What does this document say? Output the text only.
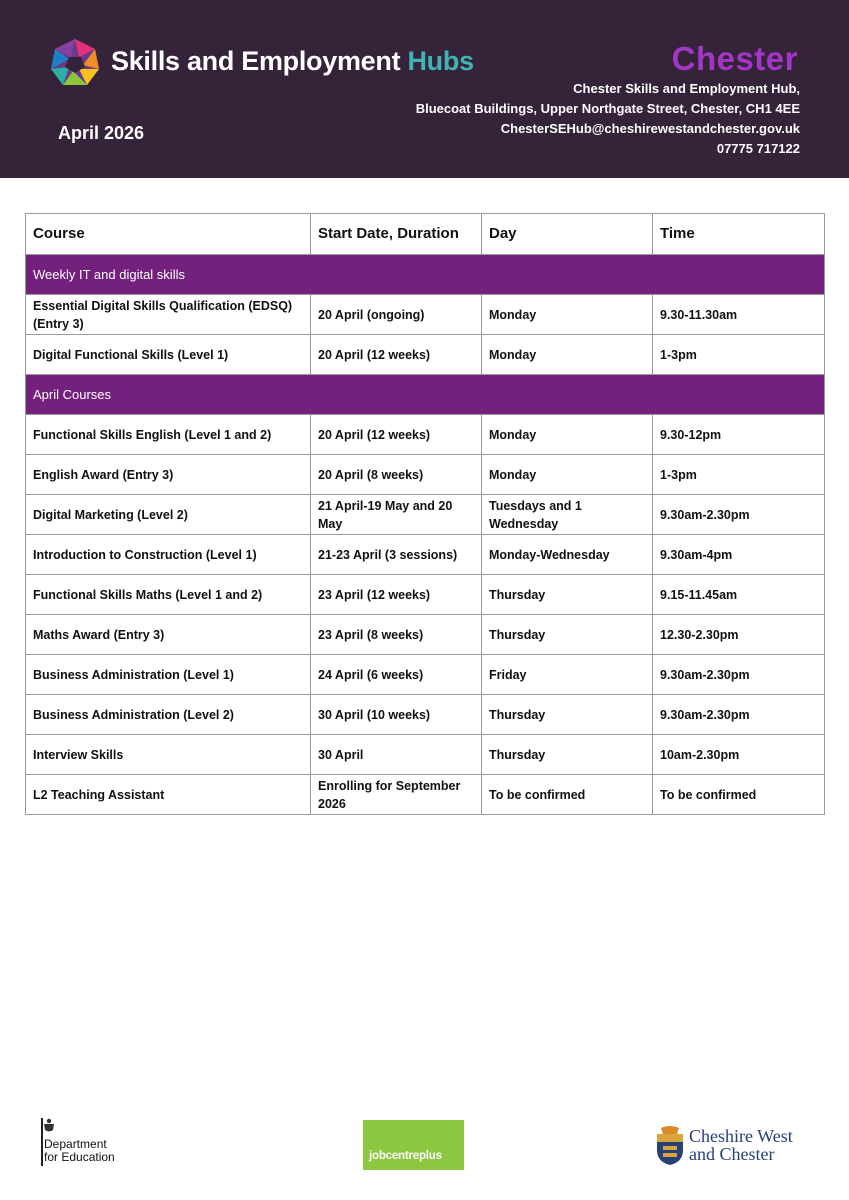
Skills and Employment Hubs	Chester
Chester Skills and Employment Hub,
Bluecoat Buildings, Upper Northgate Street, Chester, CH1 4EE
ChesterSEHub@cheshirewestandchester.gov.uk
07775 717122
April 2026
Course	Start Date, Duration	Day	Time
Weekly IT and digital skills			
Essential Digital Skills Qualification (EDSQ) (Entry 3)	20 April (ongoing)	Monday	9.30-11.30am
Digital Functional Skills (Level 1)	20 April (12 weeks)	Monday	1-3pm
April Courses			
Functional Skills English (Level 1 and 2)	20 April (12 weeks)	Monday	9.30-12pm
English Award (Entry 3)	20 April (8 weeks)	Monday	1-3pm
Digital Marketing (Level 2)	21 April-19 May and 20 May	Tuesdays and 1 Wednesday	9.30am-2.30pm
Introduction to Construction (Level 1)	21-23 April (3 sessions)	Monday-Wednesday	9.30am-4pm
Functional Skills Maths (Level 1 and 2)	23 April (12 weeks)	Thursday	9.15-11.45am
Maths Award (Entry 3)	23 April (8 weeks)	Thursday	12.30-2.30pm
Business Administration (Level 1)	24 April (6 weeks)	Friday	9.30am-2.30pm
Business Administration (Level 2)	30 April (10 weeks)	Thursday	9.30am-2.30pm
Interview Skills	30 April	Thursday	10am-2.30pm
L2 Teaching Assistant	Enrolling for September 2026	To be confirmed	To be confirmed
Department
for Education	jobcentreplus
Cheshire West
and Chester
